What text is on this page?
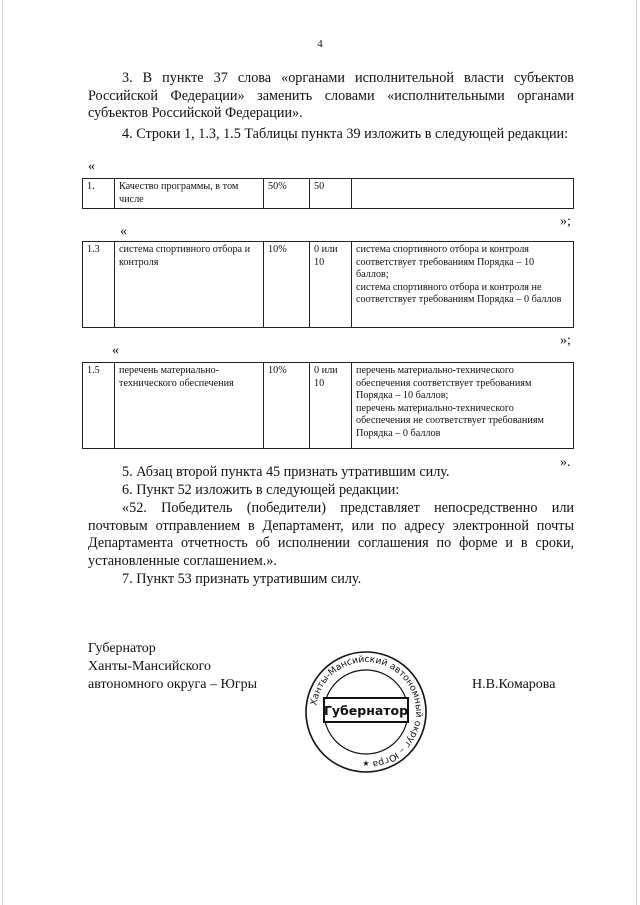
4
3. В пункте 37 слова «органами исполнительной власти субъектов Российской Федерации» заменить словами «исполнительными органами субъектов Российской Федерации».
4. Строки 1, 1.3, 1.5 Таблицы пункта 39 изложить в следующей редакции:
«
1.	Качество программы, в том числе	50%	50	
»;
«
1.3	система спортивного отбора и контроля	10%	0 или 10	
система спортивного отбора и контроля соответствует требованиям Порядка – 10 баллов;
система спортивного отбора и контроля не соответствует требованиям Порядка – 0 баллов
»;
«
1.5	перечень материально-технического обеспечения	10%	0 или 10	
перечень материально-технического обеспечения соответствует требованиям Порядка – 10 баллов;
перечень материально-технического обеспечения не соответствует требованиям Порядка – 0 баллов
».
5. Абзац второй пункта 45 признать утратившим силу.
6. Пункт 52 изложить в следующей редакции:
«52. Победитель (победители) представляет непосредственно или почтовым отправлением в Департамент, или по адресу электронной почты Департамента отчетность об исполнении соглашения по форме и в сроки, установленные соглашением.».
7. Пункт 53 признать утратившим силу.
Губернатор
Ханты-Мансийского
автономного округа – Югры
Ханты-Мансийский автономный округ – Югра
Губернатор
★
Н.В.Комарова
